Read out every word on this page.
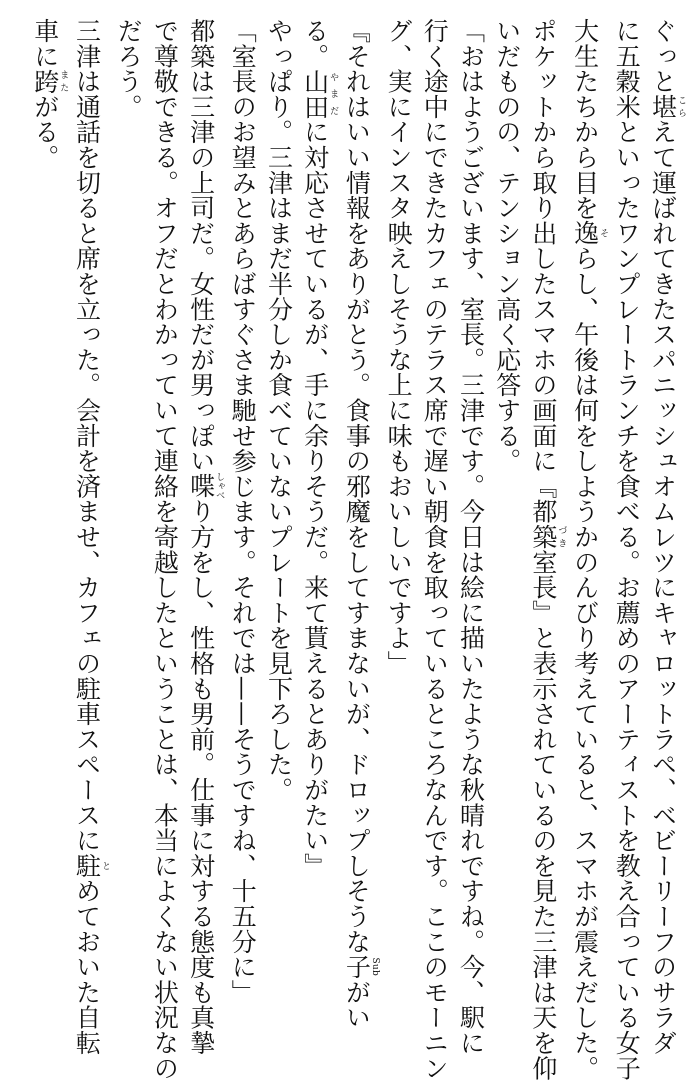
ぐっと堪こらえて運ばれてきたスパニッシュオムレツにキャロットラペ、ベビーリーフのサラダ

に五穀米といったワンプレートランチを食べる。お薦めのアーティストを教え合っている女子

大生たちから目を逸そらし、午後は何をしようかのんびり考えていると、スマホが震えだした。

ポケットから取り出したスマホの画面に『都築づき室長』と表示されているのを見た三津は天を仰

いだものの、テンション高く応答する。

「おはようございます、室長。三津です。今日は絵に描いたような秋晴れですね。今、駅に

行く途中にできたカフェのテラス席で遅い朝食を取っているところなんです。ここのモーニン

グ、実にインスタ映えしそうな上に味もおいしいですよ」

『それはいい情報をありがとう。食事の邪魔をしてすまないが、ドロップしそうな子Subがい

る。山田やまだに対応させているが、手に余りそうだ。来て貰えるとありがたい』

やっぱり。三津はまだ半分しか食べていないプレートを見下ろした。

「室長のお望みとあらばすぐさま馳せ参じます。それでは——そうですね、十五分に」

都築は三津の上司だ。女性だが男っぽい喋しゃべり方をし、性格も男前。仕事に対する態度も真摯

で尊敬できる。オフだとわかっていて連絡を寄越したということは、本当によくない状況なの

だろう。

三津は通話を切ると席を立った。会計を済ませ、カフェの駐車スペースに駐とめておいた自転

車に跨またがる。
